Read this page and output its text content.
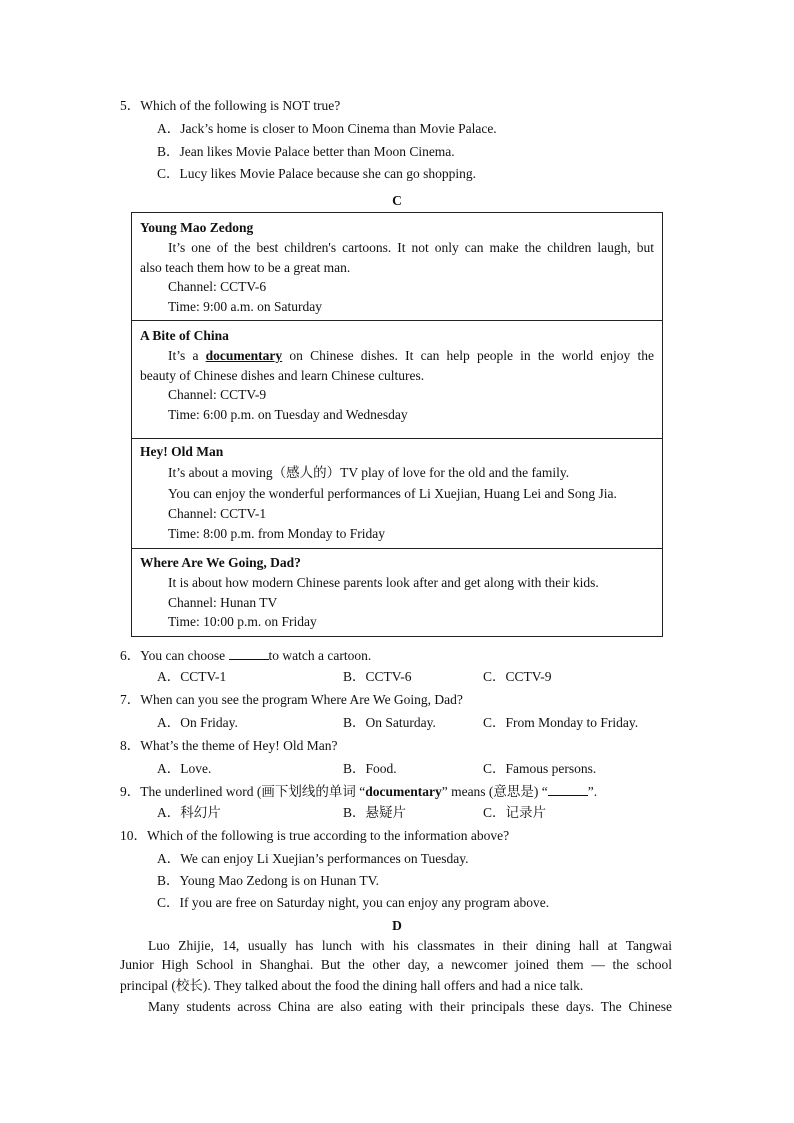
5．Which of the following is NOT true?
A．Jack’s home is closer to Moon Cinema than Movie Palace.
B．Jean likes Movie Palace better than Moon Cinema.
C．Lucy likes Movie Palace because she can go shopping.
C
Young Mao Zedong
It’s one of the best children's cartoons. It not only can make the children laugh, but
also teach them how to be a great man.
Channel: CCTV-6
Time: 9:00 a.m. on Saturday
A Bite of China
It’s a documentary on Chinese dishes. It can help people in the world enjoy the
beauty of Chinese dishes and learn Chinese cultures.
Channel: CCTV-9
Time: 6:00 p.m. on Tuesday and Wednesday
Hey! Old Man
It’s about a moving（感人的）TV play of love for the old and the family.
You can enjoy the wonderful performances of Li Xuejian, Huang Lei and Song Jia.
Channel: CCTV-1
Time: 8:00 p.m. from Monday to Friday
Where Are We Going, Dad?
It is about how modern Chinese parents look after and get along with their kids.
Channel: Hunan TV
Time: 10:00 p.m. on Friday
6．You can choose	to watch a cartoon.
A．CCTV-1	B．CCTV-6	C．CCTV-9
7．When can you see the program Where Are We Going, Dad?
A．On Friday.	B．On Saturday.	C．From Monday to Friday.
8．What’s the theme of Hey! Old Man?
A．Love.	B．Food.	C．Famous persons.
9．The underlined word (画下划线的单词 “documentary” means (意思是) “	”.
A．科幻片	B．悬疑片	C．记录片
10．Which of the following is true according to the information above?
A．We can enjoy Li Xuejian’s performances on Tuesday.
B．Young Mao Zedong is on Hunan TV.
C．If you are free on Saturday night, you can enjoy any program above.
D
Luo Zhijie, 14, usually has lunch with his classmates in their dining hall at Tangwai
Junior High School in Shanghai. But the other day, a newcomer joined them — the school
principal (校长). They talked about the food the dining hall offers and had a nice talk.
Many students across China are also eating with their principals these days. The Chinese
